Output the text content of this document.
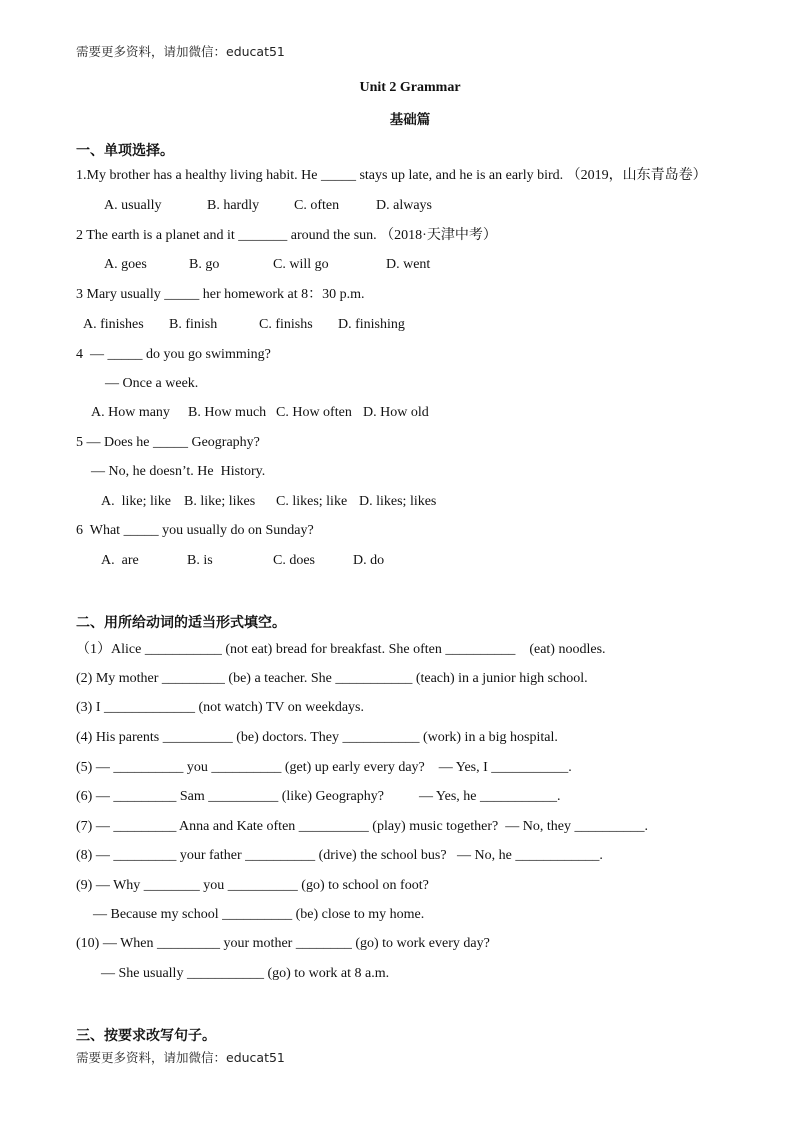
需要更多资料，请加微信：educat51
Unit 2 Grammar
基础篇
一、单项选择。
1.My brother has a healthy living habit. He _____ stays up late, and he is an early bird. （2019，山东青岛卷）
A. usually	B. hardly C. often	D. always
2 The earth is a planet and it _______ around the sun. （2018·天津中考）
A. goes	B. go	C. will go	D. went
3 Mary usually _____ her homework at 8：30 p.m.
A. finishes B. finish	C. finishs D. finishing
4  — _____ do you go swimming?
— Once a week.
A. How many B. How much C. How often D. How old
5 — Does he _____ Geography?
— No, he doesn’t. He  History.
A.  like; like B. like; likes C. likes; like D. likes; likes
6  What _____ you usually do on Sunday?
A.  are	B. is	C. does	D. do
二、用所给动词的适当形式填空。
（1）Alice ___________ (not eat) bread for breakfast. She often __________    (eat) noodles.
(2) My mother _________ (be) a teacher. She ___________ (teach) in a junior high school.
(3) I _____________ (not watch) TV on weekdays.
(4) His parents __________ (be) doctors. They ___________ (work) in a big hospital.
(5) — __________ you __________ (get) up early every day?    — Yes, I ___________.
(6) — _________ Sam __________ (like) Geography?          — Yes, he ___________.
(7) — _________ Anna and Kate often __________ (play) music together?  — No, they __________.
(8) — _________ your father __________ (drive) the school bus?   — No, he ____________.
(9) — Why ________ you __________ (go) to school on foot?
— Because my school __________ (be) close to my home.
(10) — When _________ your mother ________ (go) to work every day?
— She usually ___________ (go) to work at 8 a.m.
三、按要求改写句子。
需要更多资料，请加微信：educat51
